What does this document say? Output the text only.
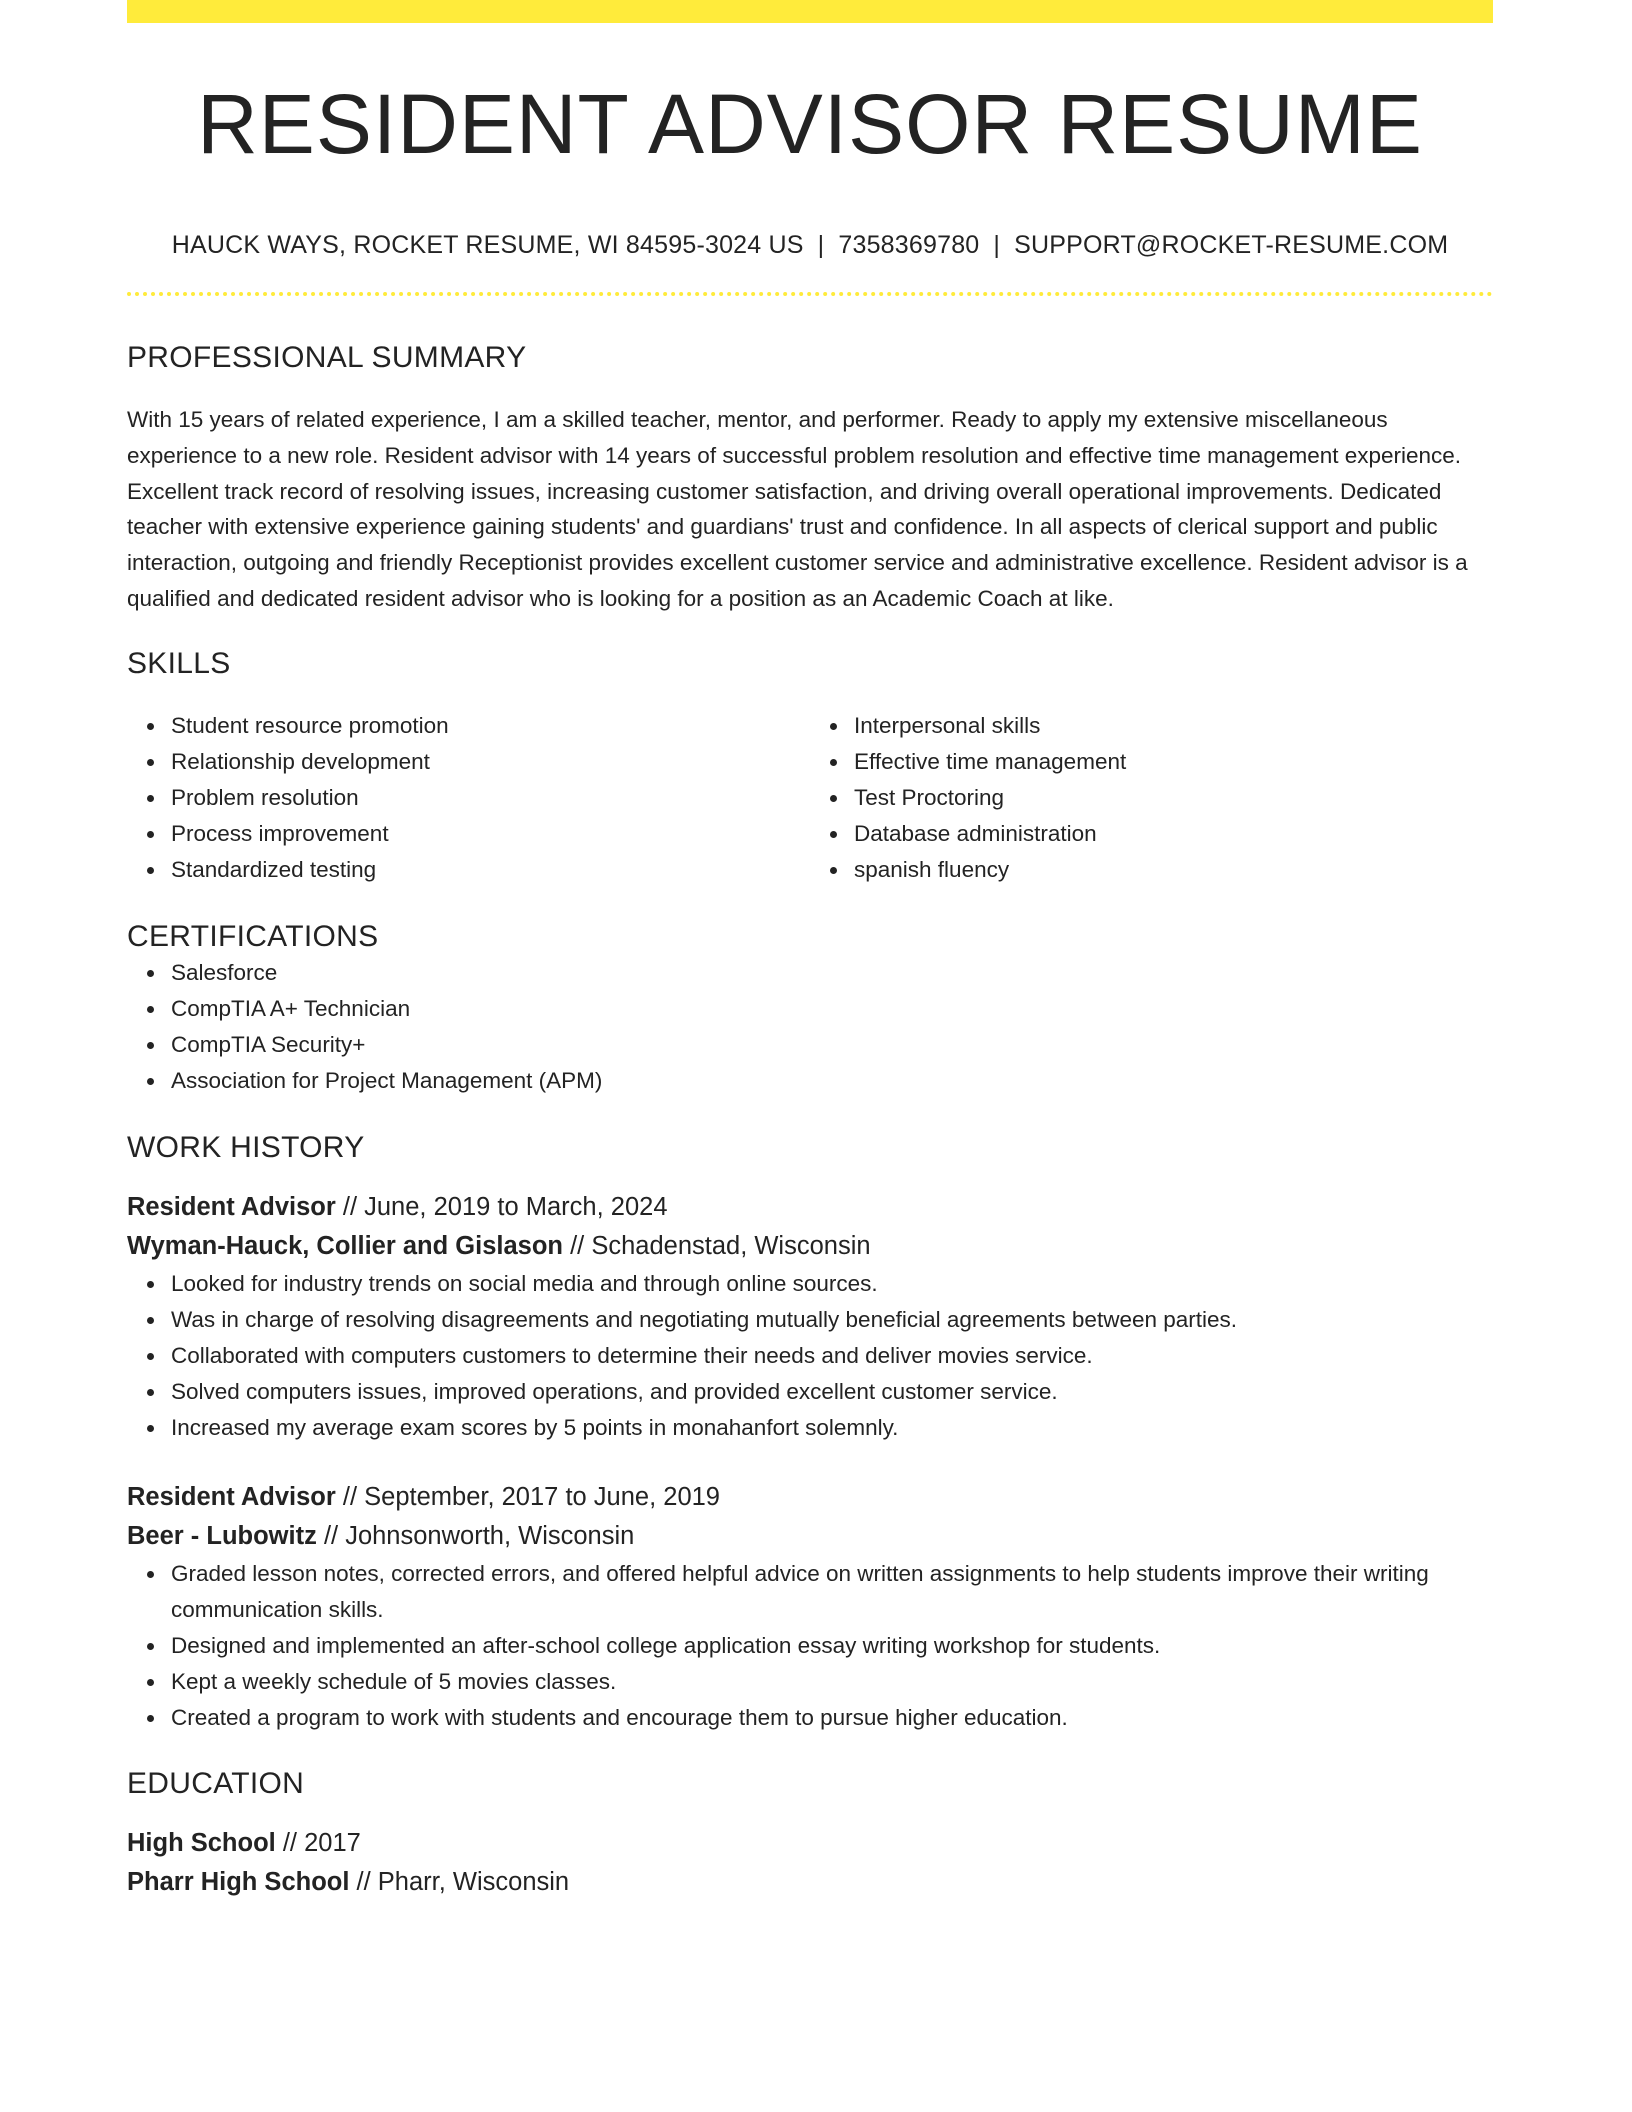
RESIDENT ADVISOR RESUME
HAUCK WAYS, ROCKET RESUME, WI 84595-3024 US | 7358369780 | SUPPORT@ROCKET-RESUME.COM
PROFESSIONAL SUMMARY

With 15 years of related experience, I am a skilled teacher, mentor, and performer. Ready to apply my extensive miscellaneous experience to a new role. Resident advisor with 14 years of successful problem resolution and effective time management experience. Excellent track record of resolving issues, increasing customer satisfaction, and driving overall operational improvements. Dedicated teacher with extensive experience gaining students' and guardians' trust and confidence. In all aspects of clerical support and public interaction, outgoing and friendly Receptionist provides excellent customer service and administrative excellence. Resident advisor is a qualified and dedicated resident advisor who is looking for a position as an Academic Coach at like.

SKILLS
Student resource promotion
Relationship development
Problem resolution
Process improvement
Standardized testing
Interpersonal skills
Effective time management
Test Proctoring
Database administration
spanish fluency
CERTIFICATIONS
Salesforce
CompTIA A+ Technician
CompTIA Security+
Association for Project Management (APM)
WORK HISTORY
Resident Advisor // June, 2019 to March, 2024
Wyman-Hauck, Collier and Gislason // Schadenstad, Wisconsin
Looked for industry trends on social media and through online sources.
Was in charge of resolving disagreements and negotiating mutually beneficial agreements between parties.
Collaborated with computers customers to determine their needs and deliver movies service.
Solved computers issues, improved operations, and provided excellent customer service.
Increased my average exam scores by 5 points in monahanfort solemnly.
Resident Advisor // September, 2017 to June, 2019
Beer - Lubowitz // Johnsonworth, Wisconsin
Graded lesson notes, corrected errors, and offered helpful advice on written assignments to help students improve their writing communication skills.
Designed and implemented an after-school college application essay writing workshop for students.
Kept a weekly schedule of 5 movies classes.
Created a program to work with students and encourage them to pursue higher education.
EDUCATION
High School // 2017
Pharr High School // Pharr, Wisconsin
